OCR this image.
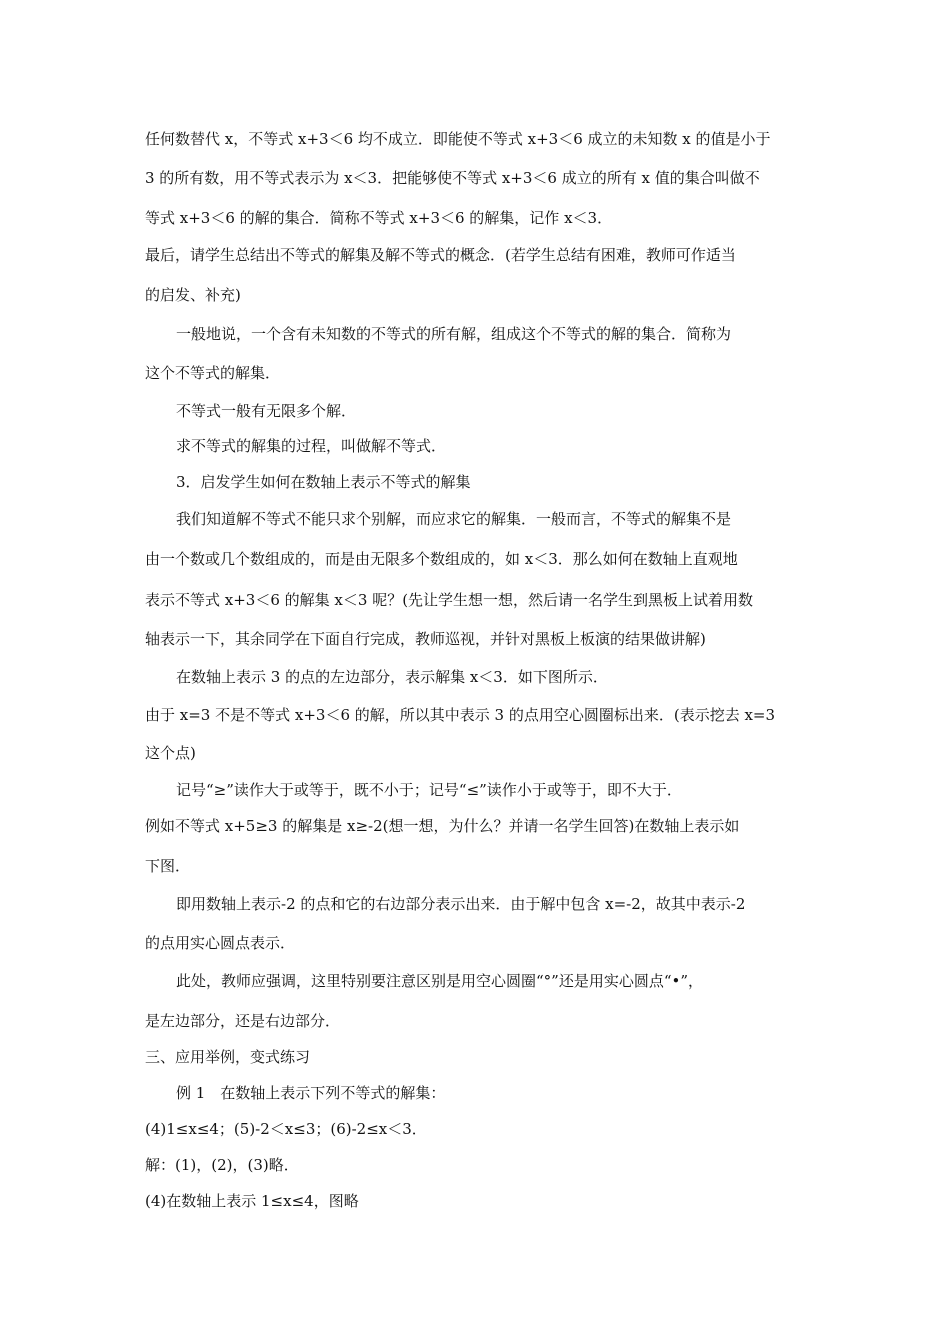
任何数替代 x，不等式 x+3＜6 均不成立．即能使不等式 x+3＜6 成立的未知数 x 的值是小于
3 的所有数，用不等式表示为 x＜3．把能够使不等式 x+3＜6 成立的所有 x 值的集合叫做不
等式 x+3＜6 的解的集合．简称不等式 x+3＜6 的解集，记作 x＜3．
最后，请学生总结出不等式的解集及解不等式的概念．(若学生总结有困难，教师可作适当
的启发、补充)
一般地说，一个含有未知数的不等式的所有解，组成这个不等式的解的集合．简称为
这个不等式的解集．
不等式一般有无限多个解．
求不等式的解集的过程，叫做解不等式．
3．启发学生如何在数轴上表示不等式的解集
我们知道解不等式不能只求个别解，而应求它的解集．一般而言，不等式的解集不是
由一个数或几个数组成的，而是由无限多个数组成的，如 x＜3．那么如何在数轴上直观地
表示不等式 x+3＜6 的解集 x＜3 呢？(先让学生想一想，然后请一名学生到黑板上试着用数
轴表示一下，其余同学在下面自行完成，教师巡视，并针对黑板上板演的结果做讲解)
在数轴上表示 3 的点的左边部分，表示解集 x＜3．如下图所示．
由于 x=3 不是不等式 x+3＜6 的解，所以其中表示 3 的点用空心圆圈标出来．(表示挖去 x=3
这个点)
记号“≥”读作大于或等于，既不小于；记号“≤”读作小于或等于，即不大于．
例如不等式 x+5≥3 的解集是 x≥-2(想一想，为什么？并请一名学生回答)在数轴上表示如
下图．
即用数轴上表示-2 的点和它的右边部分表示出来．由于解中包含 x=-2，故其中表示-2
的点用实心圆点表示．
此处，教师应强调，这里特别要注意区别是用空心圆圈“°”还是用实心圆点“•”，
是左边部分，还是右边部分．
三、应用举例，变式练习
例 1　在数轴上表示下列不等式的解集：
(4)1≤x≤4；(5)-2＜x≤3；(6)-2≤x＜3．
解：(1)，(2)，(3)略．
(4)在数轴上表示 1≤x≤4，图略
